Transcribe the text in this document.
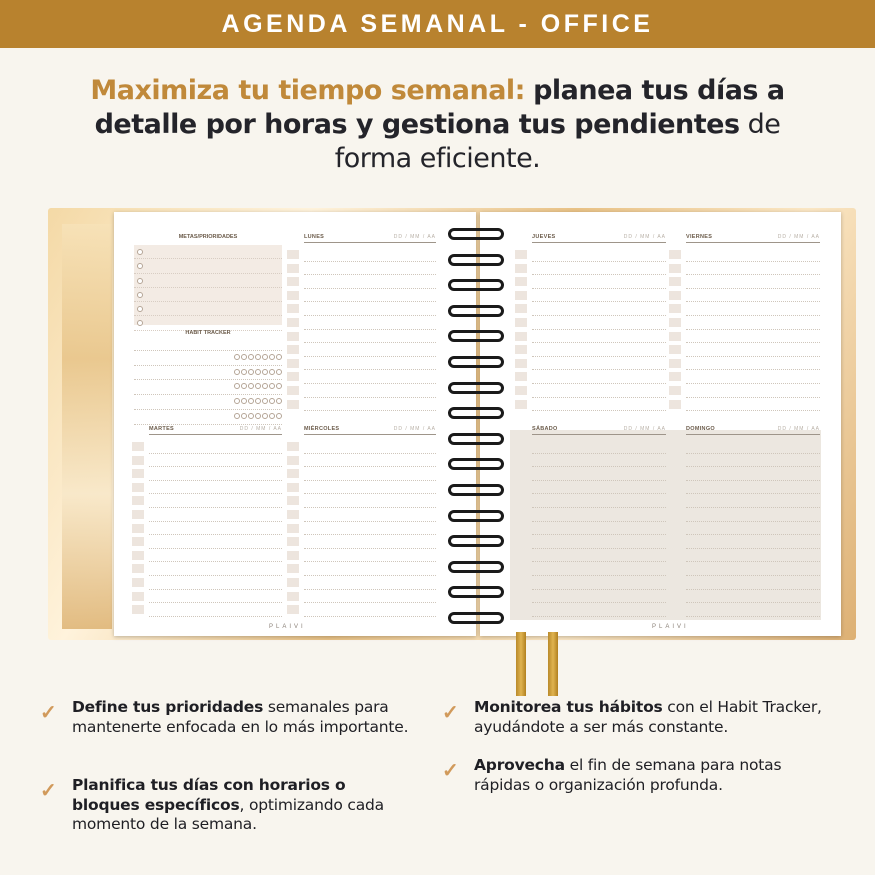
AGENDA SEMANAL - OFFICE
Maximiza tu tiempo semanal: planea tus días a detalle por horas y gestiona tus pendientes de forma eficiente.
METAS/PRIORIDADES
HABIT TRACKER
LUNES	DD / MM / AA
MARTES	DD / MM / AA	MIÉRCOLES	DD / MM / AA
PLAIVI
JUEVES	DD / MM / AA	VIERNES	DD / MM / AA
SÁBADO	DD / MM / AA	DOMINGO	DD / MM / AA
PLAIVI
✓ Define tus prioridades semanales para mantenerte enfocada en lo más importante.

✓ Planifica tus días con horarios o bloques específicos, optimizando cada momento de la semana.

✓ Monitorea tus hábitos con el Habit Tracker, ayudándote a ser más constante.

✓ Aprovecha el fin de semana para notas rápidas o organización profunda.
